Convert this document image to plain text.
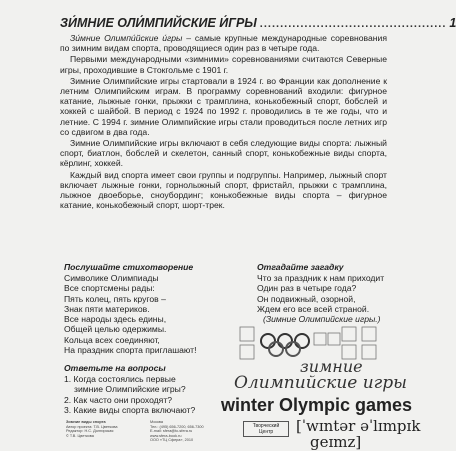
ЗИ́МНИЕ ОЛИ́МПИЙСКИЕ И́ГРЫ .............................................. 1

Зи́мние Олимпи́йские и́гры – самые крупные международные соревнования по зимним видам спорта, проводящиеся один раз в четыре года.

Первыми международными «зимними» соревнованиями считаются Северные игры, проходившие в Стокгольме с 1901 г.

Зимние Олимпийские игры стартовали в 1924 г. во Франции как дополнение к летним Олимпийским играм. В программу соревнований входили: фигурное катание, лыжные гонки, прыжки с трамплина, конькобежный спорт, бобслей и хоккей с шайбой. В период с 1924 по 1992 г. проводились в те же годы, что и летние. С 1994 г. зимние Олимпийские игры стали проводиться после летних игр со сдвигом в два года.

Зимние Олимпийские игры включают в себя следующие виды спорта: лыжный спорт, биатлон, бобслей и скелетон, санный спорт, конькобежные виды спорта, кёрлинг, хоккей.

Каждый вид спорта имеет свои группы и подгруппы. Например, лыжный спорт включает лыжные гонки, горнолыжный спорт, фристайл, прыжки с трамплина, лыжное двоеборье, сноубординг; конькобежные виды спорта – фигурное катание, конькобежный спорт, шорт-трек.

Послушайте стихотворение
Символике Олимпиады
Все спортсмены рады:
Пять колец, пять кругов –
Знак пяти материков.
Все народы здесь едины,
Общей целью одержимы.
Кольца всех соединяют,
На праздник спорта приглашают!
Отгадайте загадку
Что за праздник к нам приходит
Один раз в четыре года?
Он подвижный, озорной,
Ждем его все всей страной.
(Зимние Олимпийские игры.)
зимние
Олимпийские игры
Ответьте на вопросы
1. Когда состоялись первые
зимние Олимпийские игры?
2. Как часто они проходят?
3. Какие виды спорта включают? winter Olympic games
[ˈwɪntər əˈlɪmpɪk
geɪmz]
Зимние виды спорта
Автор проекта: Т.В. Цветкова
Редактор: Н.С. Долгирская
© Т.В. Цветкова
Москва
Тел.: (495) 656-7200, 656-7300
E-mail: sfera@tc-sfera.ru
www.sfera-book.ru
ООО «ТЦ Сфера», 2010
Творческий
Центр
